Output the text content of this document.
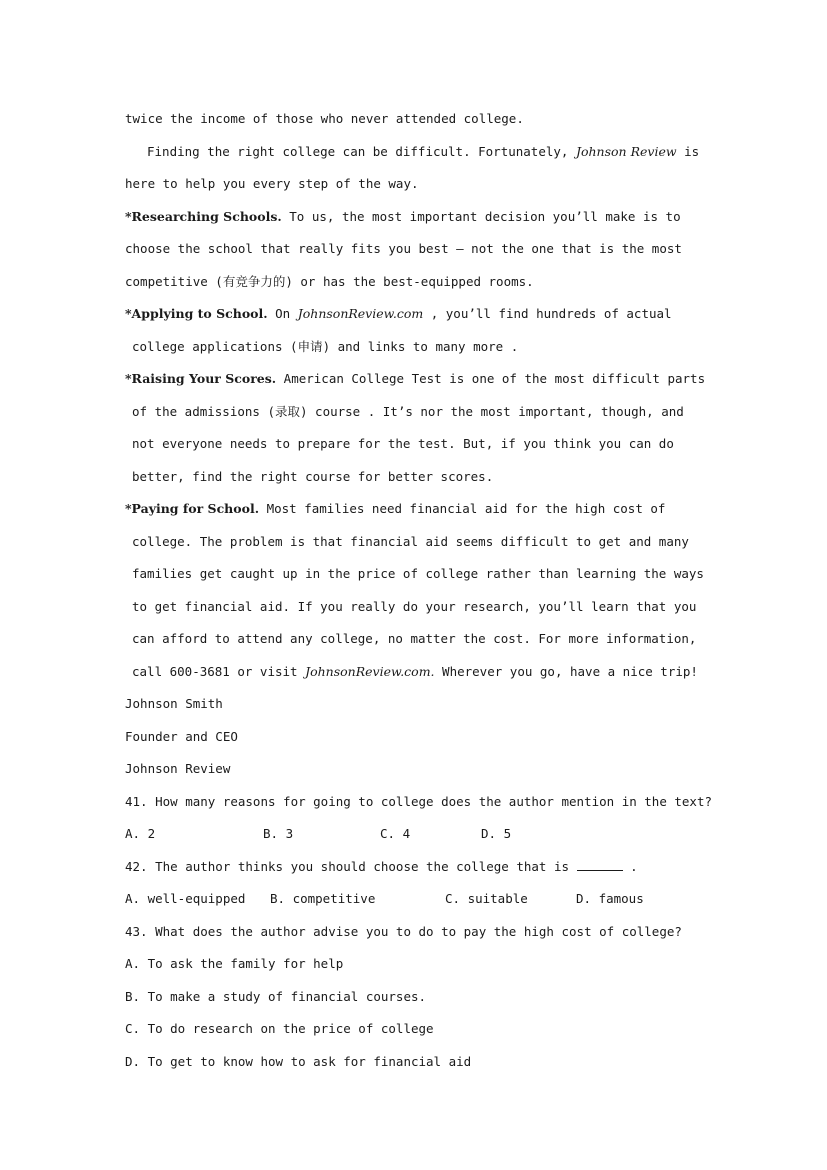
twice the income of those who never attended college.
Finding the right college can be difficult. Fortunately, Johnson Review is
here to help you every step of the way.
*Researching Schools. To us, the most important decision you’ll make is to
choose the school that really fits you best — not the one that is the most
competitive (有竞争力的) or has the best-equipped rooms.
*Applying to School. On JohnsonReview.com , you’ll find hundreds of actual
college applications (申请) and links to many more .
*Raising Your Scores. American College Test is one of the most difficult parts
of the admissions (录取) course . It’s nor the most important, though, and
not everyone needs to prepare for the test. But, if you think you can do
better, find the right course for better scores.
*Paying for School. Most families need financial aid for the high cost of
college. The problem is that financial aid seems difficult to get and many
families get caught up in the price of college rather than learning the ways
to get financial aid. If you really do your research, you’ll learn that you
can afford to attend any college, no matter the cost. For more information,
call 600-3681 or visit JohnsonReview.com. Wherever you go, have a nice trip!
Johnson Smith
Founder and CEO
Johnson Review
41. How many reasons for going to college does the author mention in the text?
A. 2	B. 3	C. 4	D. 5
42. The author thinks you should choose the college that is	.
A. well-equipped B. competitive	C. suitable	D. famous
43. What does the author advise you to do to pay the high cost of college?
A. To ask the family for help
B. To make a study of financial courses.
C. To do research on the price of college
D. To get to know how to ask for financial aid
